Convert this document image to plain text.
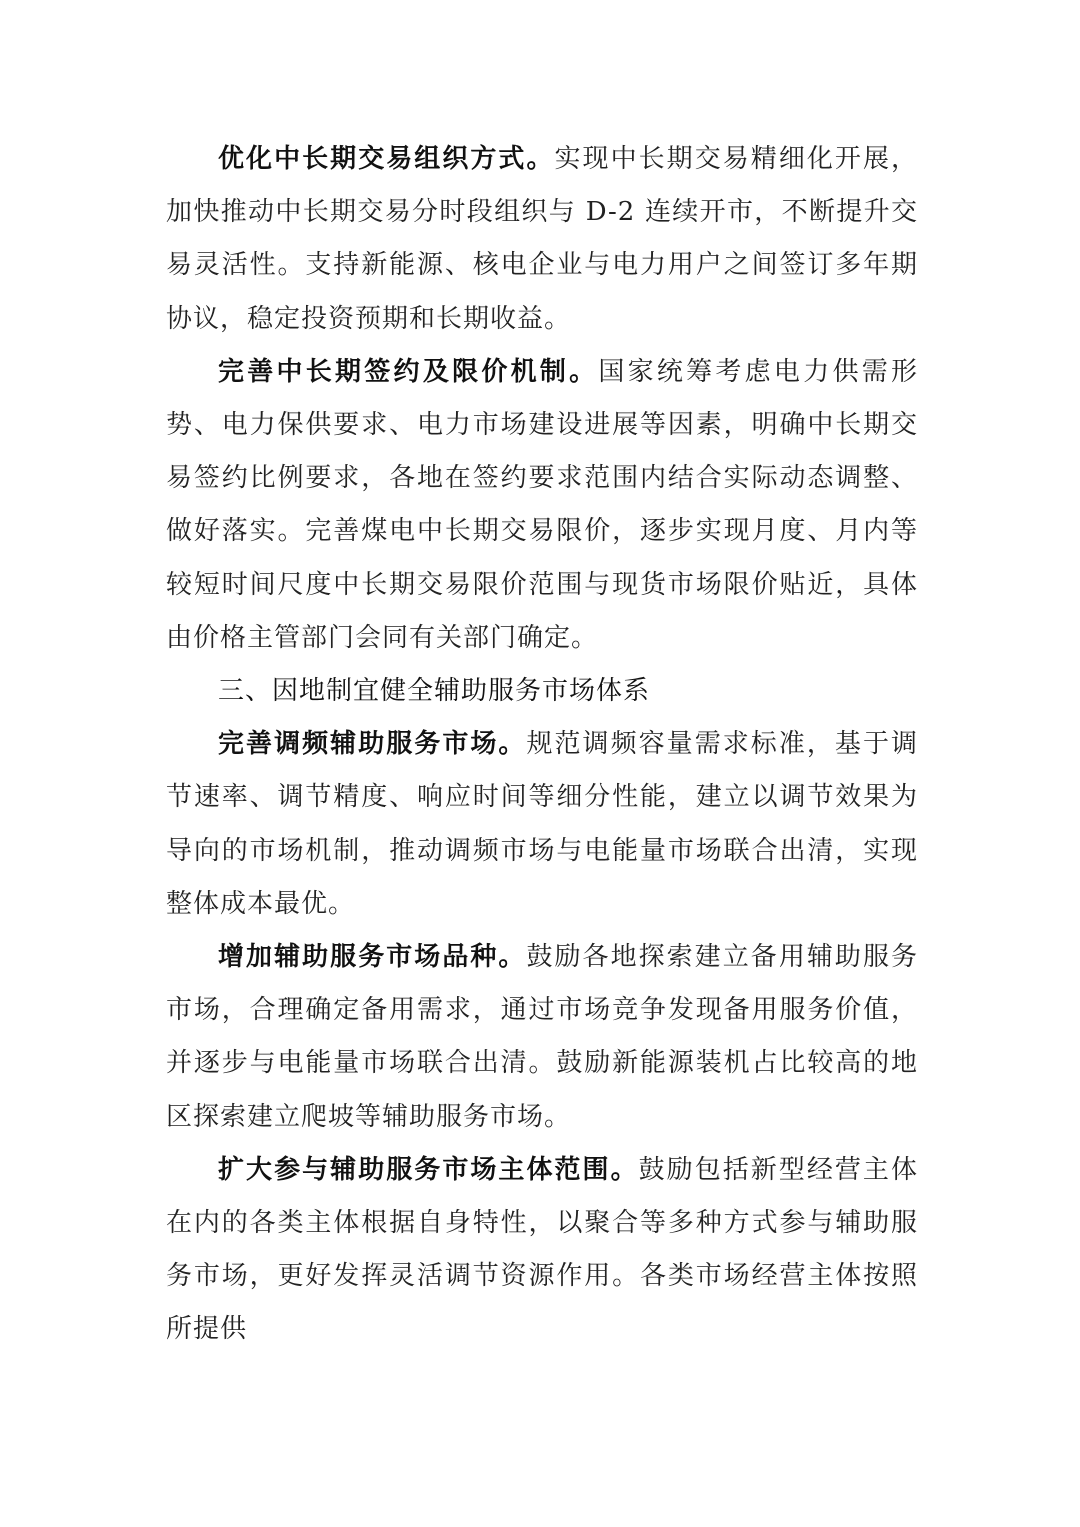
优化中长期交易组织方式。实现中长期交易精细化开展，加快推动中长期交易分时段组织与 D-2 连续开市，不断提升交易灵活性。支持新能源、核电企业与电力用户之间签订多年期协议，稳定投资预期和长期收益。

完善中长期签约及限价机制。国家统筹考虑电力供需形势、电力保供要求、电力市场建设进展等因素，明确中长期交易签约比例要求，各地在签约要求范围内结合实际动态调整、做好落实。完善煤电中长期交易限价，逐步实现月度、月内等较短时间尺度中长期交易限价范围与现货市场限价贴近，具体由价格主管部门会同有关部门确定。

三、因地制宜健全辅助服务市场体系

完善调频辅助服务市场。规范调频容量需求标准，基于调节速率、调节精度、响应时间等细分性能，建立以调节效果为导向的市场机制，推动调频市场与电能量市场联合出清，实现整体成本最优。

增加辅助服务市场品种。鼓励各地探索建立备用辅助服务市场，合理确定备用需求，通过市场竞争发现备用服务价值，并逐步与电能量市场联合出清。鼓励新能源装机占比较高的地区探索建立爬坡等辅助服务市场。

扩大参与辅助服务市场主体范围。鼓励包括新型经营主体在内的各类主体根据自身特性，以聚合等多种方式参与辅助服务市场，更好发挥灵活调节资源作用。各类市场经营主体按照所提供
